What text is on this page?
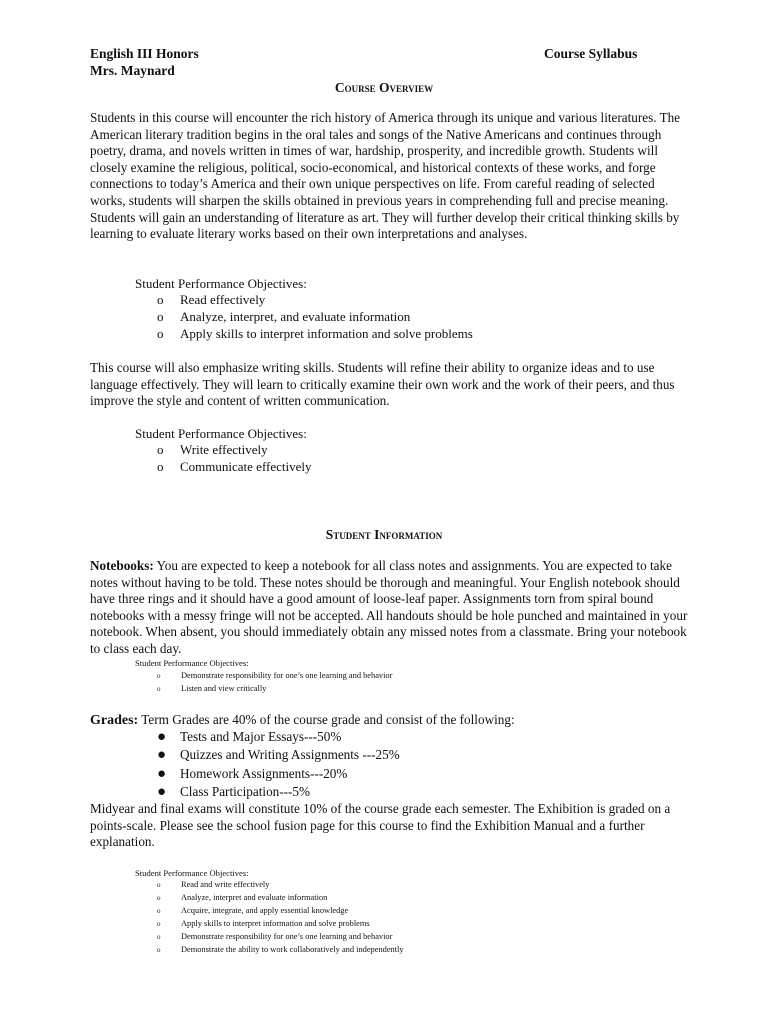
English III Honors	Course Syllabus
Mrs. Maynard
Course Overview
Students in this course will encounter the rich history of America through its unique and various literatures. The American literary tradition begins in the oral tales and songs of the Native Americans and continues through poetry, drama, and novels written in times of war, hardship, prosperity, and incredible growth. Students will closely examine the religious, political, socio-economical, and historical contexts of these works, and forge connections to today’s America and their own unique perspectives on life. From careful reading of selected works, students will sharpen the skills obtained in previous years in comprehending full and precise meaning. Students will gain an understanding of literature as art. They will further develop their critical thinking skills by learning to evaluate literary works based on their own interpretations and analyses.
Student Performance Objectives:
o Read effectively
o Analyze, interpret, and evaluate information
o Apply skills to interpret information and solve problems
This course will also emphasize writing skills. Students will refine their ability to organize ideas and to use language effectively. They will learn to critically examine their own work and the work of their peers, and thus improve the style and content of written communication.
Student Performance Objectives:
o Write effectively
o Communicate effectively
Student Information
Notebooks: You are expected to keep a notebook for all class notes and assignments. You are expected to take notes without having to be told. These notes should be thorough and meaningful. Your English notebook should have three rings and it should have a good amount of loose-leaf paper. Assignments torn from spiral bound notebooks with a messy fringe will not be accepted. All handouts should be hole punched and maintained in your notebook. When absent, you should immediately obtain any missed notes from a classmate. Bring your notebook to class each day.
Student Performance Objectives:
o Demonstrate responsibility for one’s one learning and behavior
o Listen and view critically
Grades: Term Grades are 40% of the course grade and consist of the following:
● Tests and Major Essays---50%
● Quizzes and Writing Assignments ---25%
● Homework Assignments---20%
● Class Participation---5%
Midyear and final exams will constitute 10% of the course grade each semester. The Exhibition is graded on a points-scale. Please see the school fusion page for this course to find the Exhibition Manual and a further explanation.
Student Performance Objectives:
o Read and write effectively
o Analyze, interpret and evaluate information
o Acquire, integrate, and apply essential knowledge
o Apply skills to interpret information and solve problems
o Demonstrate responsibility for one’s one learning and behavior
o Demonstrate the ability to work collaboratively and independently
